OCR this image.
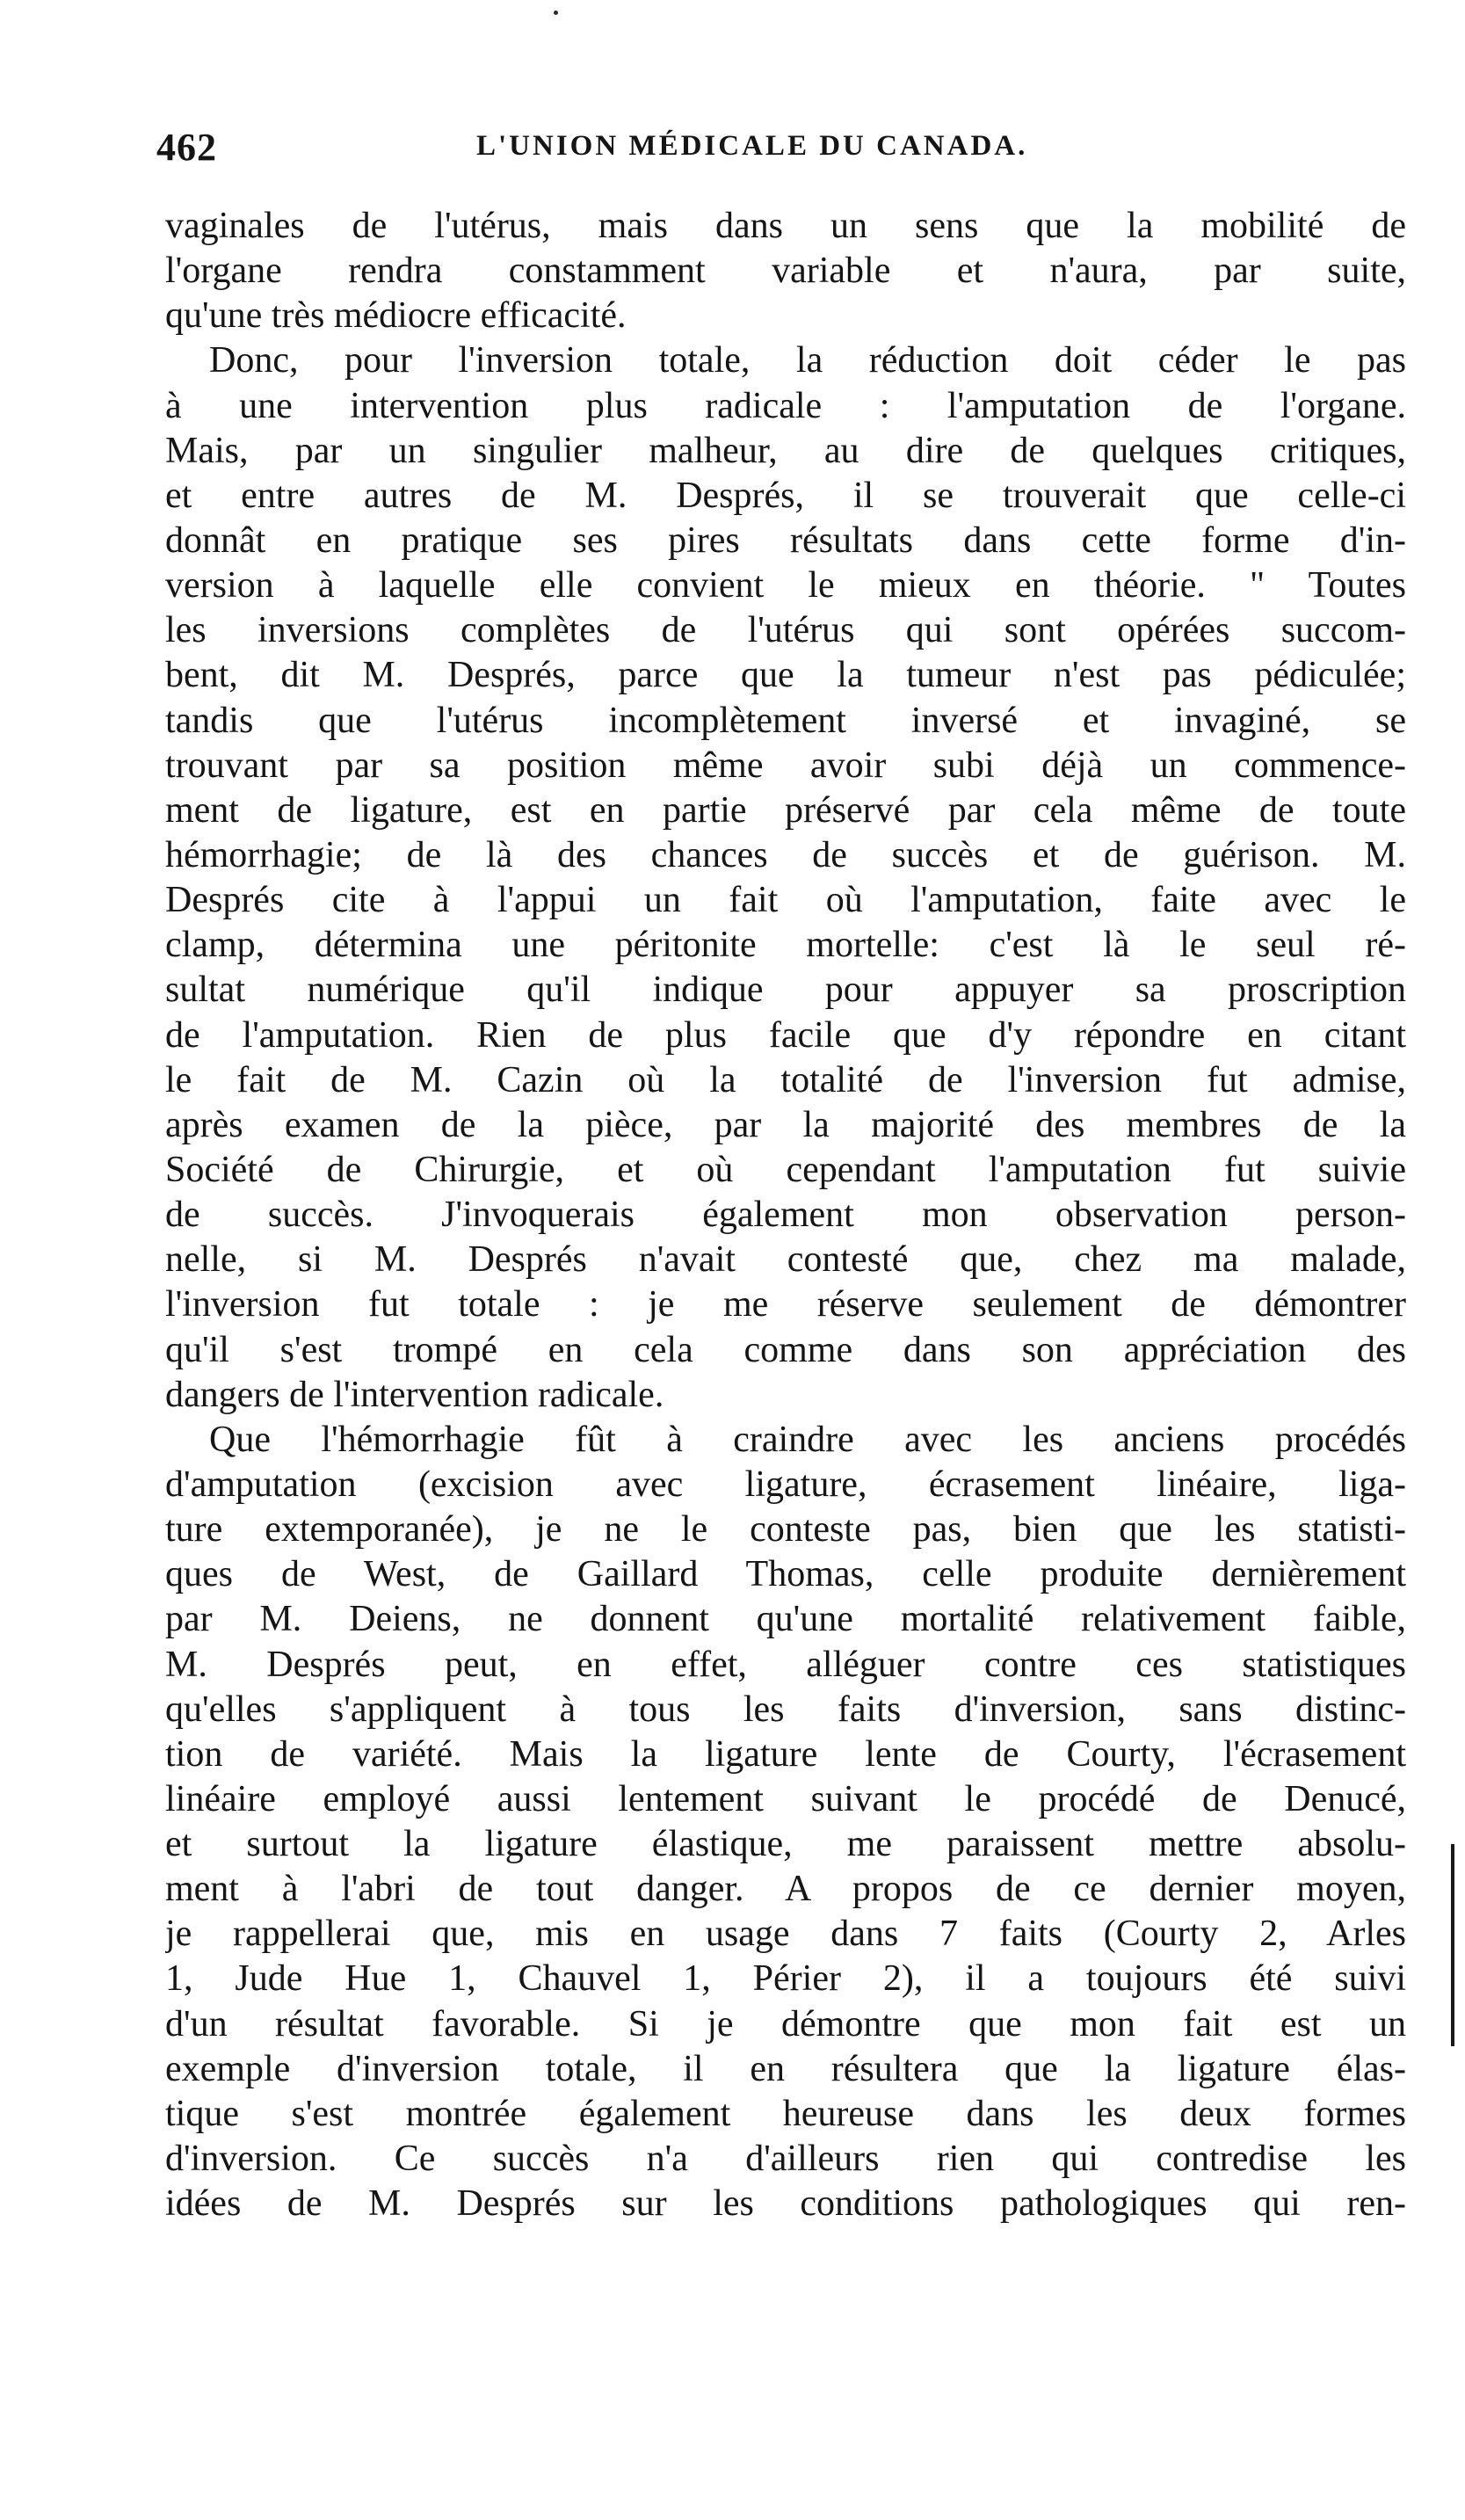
462	L'UNION MÉDICALE DU CANADA.
vaginales de l'utérus, mais dans un sens que la mobilité de
l'organe rendra constamment variable et n'aura, par suite,
qu'une très médiocre efficacité.
Donc, pour l'inversion totale, la réduction doit céder le pas
à une intervention plus radicale : l'amputation de l'organe.
Mais, par un singulier malheur, au dire de quelques critiques,
et entre autres de M. Després, il se trouverait que celle-ci
donnât en pratique ses pires résultats dans cette forme d'in-
version à laquelle elle convient le mieux en théorie. " Toutes
les inversions complètes de l'utérus qui sont opérées succom-
bent, dit M. Després, parce que la tumeur n'est pas pédiculée;
tandis que l'utérus incomplètement inversé et invaginé, se
trouvant par sa position même avoir subi déjà un commence-
ment de ligature, est en partie préservé par cela même de toute
hémorrhagie; de là des chances de succès et de guérison. M.
Després cite à l'appui un fait où l'amputation, faite avec le
clamp, détermina une péritonite mortelle: c'est là le seul ré-
sultat numérique qu'il indique pour appuyer sa proscription
de l'amputation. Rien de plus facile que d'y répondre en citant
le fait de M. Cazin où la totalité de l'inversion fut admise,
après examen de la pièce, par la majorité des membres de la
Société de Chirurgie, et où cependant l'amputation fut suivie
de succès. J'invoquerais également mon observation person-
nelle, si M. Després n'avait contesté que, chez ma malade,
l'inversion fut totale : je me réserve seulement de démontrer
qu'il s'est trompé en cela comme dans son appréciation des
dangers de l'intervention radicale.
Que l'hémorrhagie fût à craindre avec les anciens procédés
d'amputation (excision avec ligature, écrasement linéaire, liga-
ture extemporanée), je ne le conteste pas, bien que les statisti-
ques de West, de Gaillard Thomas, celle produite dernièrement
par M. Deiens, ne donnent qu'une mortalité relativement faible,
M. Després peut, en effet, alléguer contre ces statistiques
qu'elles s'appliquent à tous les faits d'inversion, sans distinc-
tion de variété. Mais la ligature lente de Courty, l'écrasement
linéaire employé aussi lentement suivant le procédé de Denucé,
et surtout la ligature élastique, me paraissent mettre absolu-
ment à l'abri de tout danger. A propos de ce dernier moyen,
je rappellerai que, mis en usage dans 7 faits (Courty 2, Arles
1, Jude Hue 1, Chauvel 1, Périer 2), il a toujours été suivi
d'un résultat favorable. Si je démontre que mon fait est un
exemple d'inversion totale, il en résultera que la ligature élas-
tique s'est montrée également heureuse dans les deux formes
d'inversion. Ce succès n'a d'ailleurs rien qui contredise les
idées de M. Després sur les conditions pathologiques qui ren-
